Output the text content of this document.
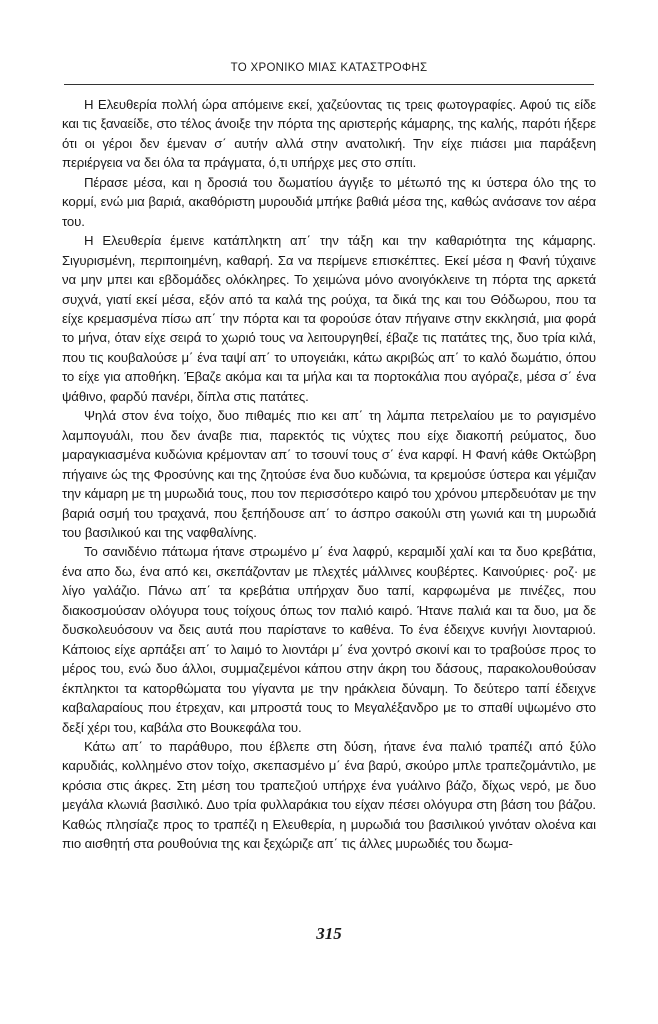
ΤΟ ΧΡΟΝΙΚΟ ΜΙΑΣ ΚΑΤΑΣΤΡΟΦΗΣ

Η Ελευθερία πολλή ώρα απόμεινε εκεί, χαζεύοντας τις τρεις φωτογραφίες. Αφού τις είδε και τις ξαναείδε, στο τέλος άνοιξε την πόρτα της αριστερής κάμαρης, της καλής, παρότι ήξερε ότι οι γέροι δεν έμεναν σ΄ αυτήν αλλά στην ανατολική. Την είχε πιάσει μια παράξενη περιέργεια να δει όλα τα πράγματα, ό,τι υπήρχε μες στο σπίτι.

Πέρασε μέσα, και η δροσιά του δωματίου άγγιξε το μέτωπό της κι ύστερα όλο της το κορμί, ενώ μια βαριά, ακαθόριστη μυρουδιά μπήκε βαθιά μέσα της, καθώς ανάσανε τον αέρα του.

Η Ελευθερία έμεινε κατάπληκτη απ΄ την τάξη και την καθαριότητα της κάμαρης. Σιγυρισμένη, περιποιημένη, καθαρή. Σα να περίμενε επισκέπτες. Εκεί μέσα η Φανή τύχαινε να μην μπει και εβδομάδες ολόκληρες. Το χειμώνα μόνο ανοιγόκλεινε τη πόρτα της αρκετά συχνά, γιατί εκεί μέσα, εξόν από τα καλά της ρούχα, τα δικά της και του Θόδωρου, που τα είχε κρεμασμένα πίσω απ΄ την πόρτα και τα φορούσε όταν πήγαινε στην εκκλησιά, μια φορά το μήνα, όταν είχε σειρά το χωριό τους να λειτουργηθεί, έβαζε τις πατάτες της, δυο τρία κιλά, που τις κουβαλούσε μ΄ ένα ταψί απ΄ το υπογειάκι, κάτω ακριβώς απ΄ το καλό δωμάτιο, όπου το είχε για αποθήκη. Έβαζε ακόμα και τα μήλα και τα πορτοκάλια που αγόραζε, μέσα σ΄ ένα ψάθινο, φαρδύ πανέρι, δίπλα στις πατάτες.

Ψηλά στον ένα τοίχο, δυο πιθαμές πιο κει απ΄ τη λάμπα πετρελαίου με το ραγισμένο λαμπογυάλι, που δεν άναβε πια, παρεκτός τις νύχτες που είχε διακοπή ρεύματος, δυο μαραγκιασμένα κυδώνια κρέμονταν απ΄ το τσουνί τους σ΄ ένα καρφί. Η Φανή κάθε Οκτώβρη πήγαινε ώς της Φροσύνης και της ζητούσε ένα δυο κυδώνια, τα κρεμούσε ύστερα και γέμιζαν την κάμαρη με τη μυρωδιά τους, που τον περισσότερο καιρό του χρόνου μπερδευόταν με την βαριά οσμή του τραχανά, που ξεπήδουσε απ΄ το άσπρο σακούλι στη γωνιά και τη μυρωδιά του βασιλικού και της ναφθαλίνης.

Το σανιδένιο πάτωμα ήτανε στρωμένο μ΄ ένα λαφρύ, κεραμιδί χαλί και τα δυο κρεβάτια, ένα απο δω, ένα από κει, σκεπάζονταν με πλεχτές μάλλινες κουβέρτες. Καινούριες· ροζ· με λίγο γαλάζιο. Πάνω απ΄ τα κρεβάτια υπήρχαν δυο ταπί, καρφωμένα με πινέζες, που διακοσμούσαν ολόγυρα τους τοίχους όπως τον παλιό καιρό. Ήτανε παλιά και τα δυο, μα δε δυσκολευόσουν να δεις αυτά που παρίστανε το καθένα. Το ένα έδειχνε κυνήγι λιονταριού. Κάποιος είχε αρπάξει απ΄ το λαιμό το λιοντάρι μ΄ ένα χοντρό σκοινί και το τραβούσε προς το μέρος του, ενώ δυο άλλοι, συμμαζεμένοι κάπου στην άκρη του δάσους, παρακολουθούσαν έκπληκτοι τα κατορθώματα του γίγαντα με την ηράκλεια δύναμη. Το δεύτερο ταπί έδειχνε καβαλαραίους που έτρεχαν, και μπροστά τους το Μεγαλέξανδρο με το σπαθί υψωμένο στο δεξί χέρι του, καβάλα στο Βουκεφάλα του.

Κάτω απ΄ το παράθυρο, που έβλεπε στη δύση, ήτανε ένα παλιό τραπέζι από ξύλο καρυδιάς, κολλημένο στον τοίχο, σκεπασμένο μ΄ ένα βαρύ, σκούρο μπλε τραπεζομάντιλο, με κρόσια στις άκρες. Στη μέση του τραπεζιού υπήρχε ένα γυάλινο βάζο, δίχως νερό, με δυο μεγάλα κλωνιά βασιλικό. Δυο τρία φυλλαράκια του είχαν πέσει ολόγυρα στη βάση του βάζου. Καθώς πλησίαζε προς το τραπέζι η Ελευθερία, η μυρωδιά του βασιλικού γινόταν ολοένα και πιο αισθητή στα ρουθούνια της και ξεχώριζε απ΄ τις άλλες μυρωδιές του δωμα-

315
